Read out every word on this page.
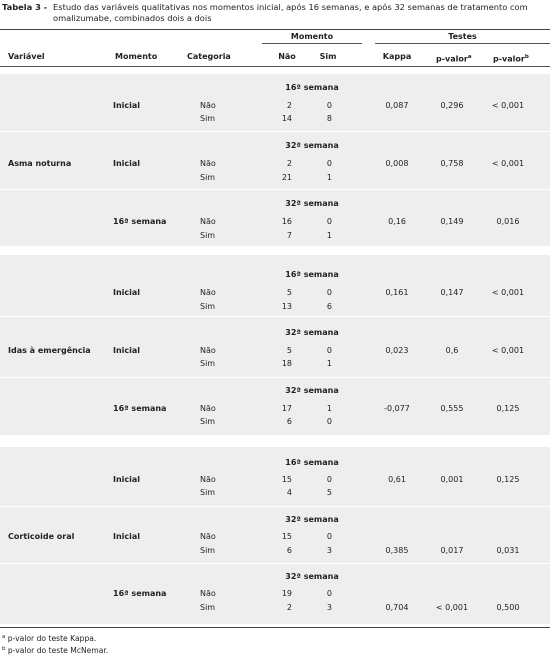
Tabela 3 - Estudo das variáveis qualitativas nos momentos inicial, após 16 semanas, e após 32 semanas de tratamento com omalizumabe, combinados dois a dois
Momento	Testes
Variável	Momento	Categoria	Não	Sim	Kappa	p-valor$^a$	p-valor$^b$
Asma noturna
16ª semana
Inicial	Não	2	0	0,087	0,296	< 0,001
Sim	14	8
32ª semana
Inicial	Não	2	0	0,008	0,758	< 0,001
Sim	21	1
32ª semana
16ª semana	Não	16	0	0,16	0,149	0,016
Sim	7	1
Idas à emergência
16ª semana
Inicial	Não	5	0	0,161	0,147	< 0,001
Sim	13	6
32ª semana
Inicial	Não	5	0	0,023	0,6	< 0,001
Sim	18	1
32ª semana
16ª semana	Não	17	1	-0,077	0,555	0,125
Sim	6	0
Corticoide oral
16ª semana
Inicial	Não	15	0	0,61	0,001	0,125
Sim	4	5
32ª semana
Inicial	Não	15	0
Sim	6	3	0,385	0,017	0,031
32ª semana
16ª semana	Não	19	0
Sim	2	3	0,704	< 0,001	0,500
$^a$ p-valor do teste Kappa.
$^b$ p-valor do teste McNemar.
